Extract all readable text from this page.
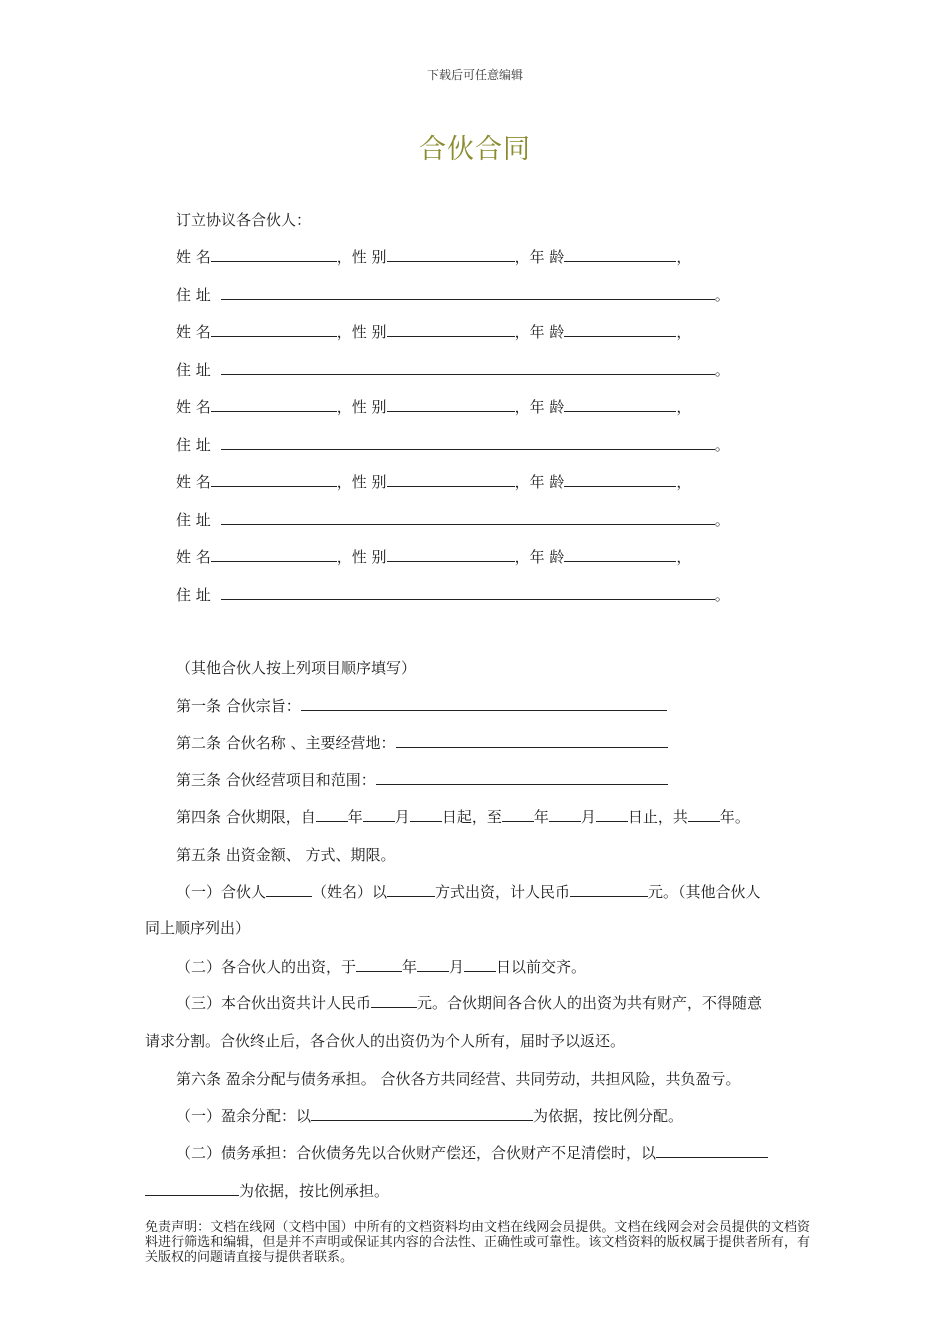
下载后可任意编辑
合伙合同
订立协议各合伙人：
姓 名	，性 别	，年 龄	，
住 址	。
姓 名	，性 别	，年 龄	，
住 址	。
姓 名	，性 别	，年 龄	，
住 址	。
姓 名	，性 别	，年 龄	，
住 址	。
姓 名	，性 别	，年 龄	，
住 址	。
（其他合伙人按上列项目顺序填写）
第一条 合伙宗旨：
第二条 合伙名称 、主要经营地：
第三条 合伙经营项目和范围：
第四条 合伙期限，自 年 月 日起，至 年 月 日止，共 年。
第五条 出资金额、 方式、期限。
（一）合伙人	（姓名）以	方式出资，计人民币	元。（其他合伙人
同上顺序列出）
（二）各合伙人的出资，于	年 月 日以前交齐。
（三）本合伙出资共计人民币	元。合伙期间各合伙人的出资为共有财产，不得随意
请求分割。合伙终止后，各合伙人的出资仍为个人所有，届时予以返还。
第六条 盈余分配与债务承担。 合伙各方共同经营、共同劳动，共担风险，共负盈亏。
（一）盈余分配：以	为依据，按比例分配。
（二）债务承担：合伙债务先以合伙财产偿还，合伙财产不足清偿时，以
为依据，按比例承担。
免责声明：文档在线网（文档中国）中所有的文档资料均由文档在线网会员提供。文档在线网会对会员提供的文档资料进行筛选和编辑，但是并不声明或保证其内容的合法性、正确性或可靠性。该文档资料的版权属于提供者所有，有关版权的问题请直接与提供者联系。
